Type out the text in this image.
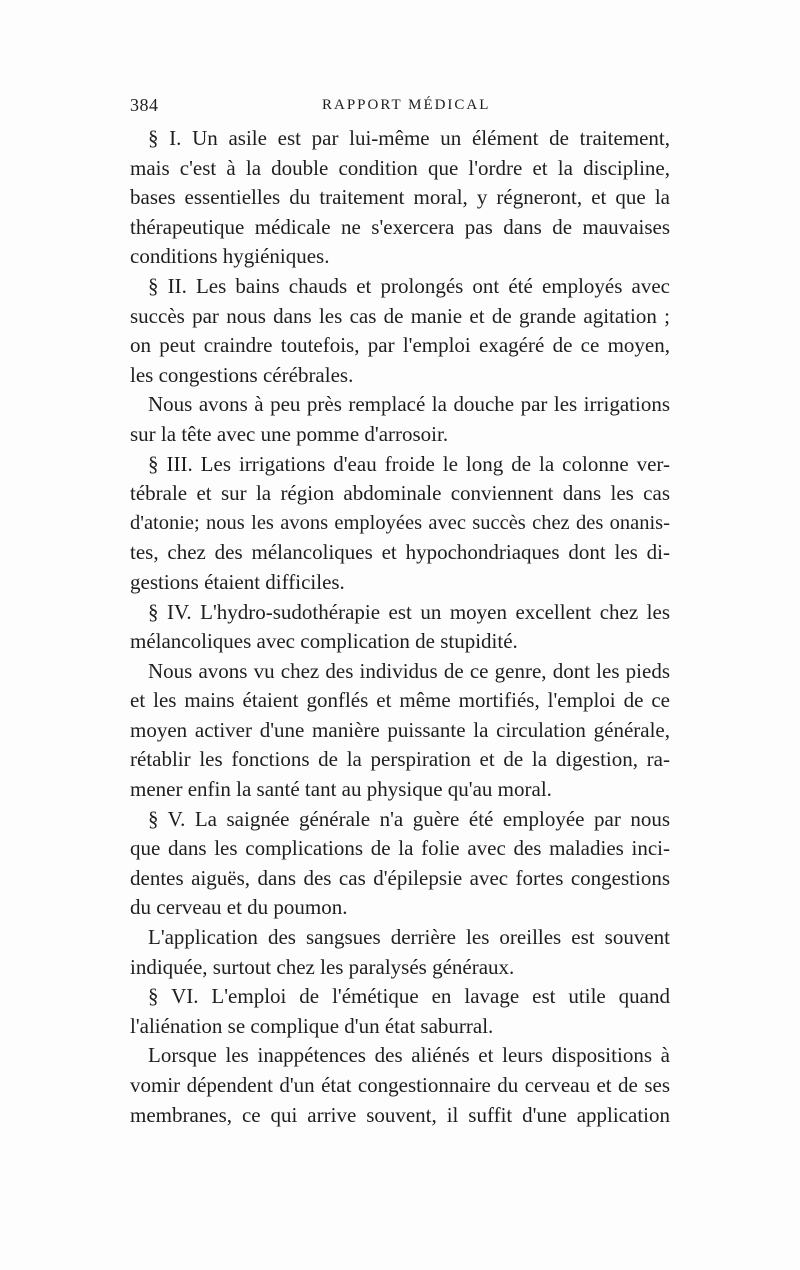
384	RAPPORT MÉDICAL
§ I. Un asile est par lui-même un élément de traitement,
mais c'est à la double condition que l'ordre et la discipline,
bases essentielles du traitement moral, y régneront, et que la
thérapeutique médicale ne s'exercera pas dans de mauvaises
conditions hygiéniques.
§ II. Les bains chauds et prolongés ont été employés avec
succès par nous dans les cas de manie et de grande agitation ;
on peut craindre toutefois, par l'emploi exagéré de ce moyen,
les congestions cérébrales.
Nous avons à peu près remplacé la douche par les irrigations
sur la tête avec une pomme d'arrosoir.
§ III. Les irrigations d'eau froide le long de la colonne ver-
tébrale et sur la région abdominale conviennent dans les cas
d'atonie; nous les avons employées avec succès chez des onanis-
tes, chez des mélancoliques et hypochondriaques dont les di-
gestions étaient difficiles.
§ IV. L'hydro-sudothérapie est un moyen excellent chez les
mélancoliques avec complication de stupidité.
Nous avons vu chez des individus de ce genre, dont les pieds
et les mains étaient gonflés et même mortifiés, l'emploi de ce
moyen activer d'une manière puissante la circulation générale,
rétablir les fonctions de la perspiration et de la digestion, ra-
mener enfin la santé tant au physique qu'au moral.
§ V. La saignée générale n'a guère été employée par nous
que dans les complications de la folie avec des maladies inci-
dentes aiguës, dans des cas d'épilepsie avec fortes congestions
du cerveau et du poumon.
L'application des sangsues derrière les oreilles est souvent
indiquée, surtout chez les paralysés généraux.
§ VI. L'emploi de l'émétique en lavage est utile quand
l'aliénation se complique d'un état saburral.
Lorsque les inappétences des aliénés et leurs dispositions à
vomir dépendent d'un état congestionnaire du cerveau et de ses
membranes, ce qui arrive souvent, il suffit d'une application
